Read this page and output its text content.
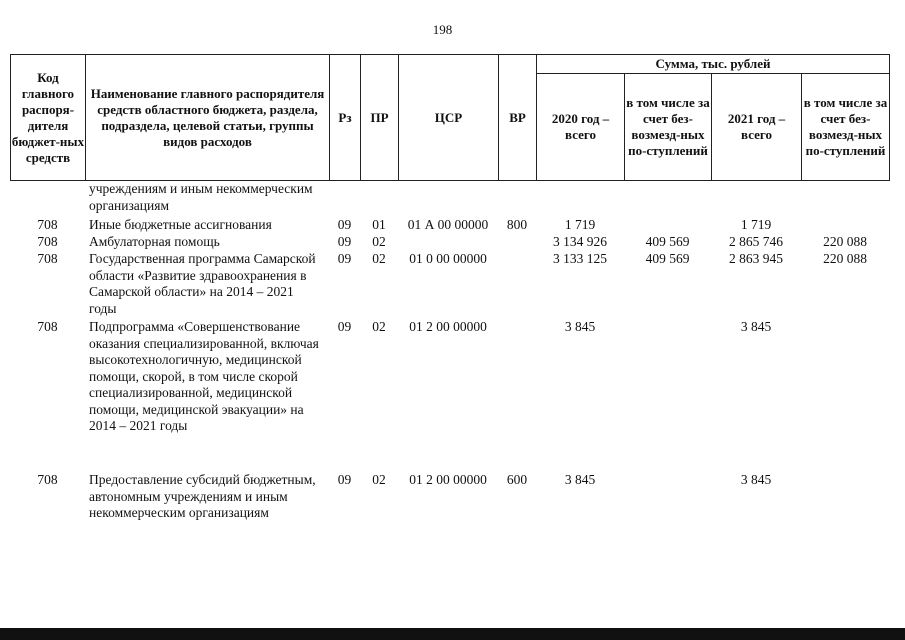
198
Код главного распоря-дителя бюджет-ных средств	Наименование главного распорядителя средств областного бюджета, раздела, подраздела, целевой статьи, группы видов расходов	Рз	ПР	ЦСР	ВР	Сумма, тыс. рублей			
						2020 год – всего	в том числе за счет без-возмезд-ных по-ступлений	2021 год – всего	в том числе за счет без-возмезд-ных по-ступлений
	учреждениям и иным некоммерческим организациям								
708	Иные бюджетные ассигнования	09	01	01 А 00 00000	800	1 719		1 719	
708	Амбулаторная помощь	09	02			3 134 926	409 569	2 865 746	220 088
708	Государственная программа Самарской области «Развитие здравоохранения в Самарской области» на 2014 – 2021 годы	09	02	01 0 00 00000		3 133 125	409 569	2 863 945	220 088
708	Подпрограмма «Совершенствование оказания специализированной, включая высокотехнологичную, медицинской помощи, скорой, в том числе скорой специализированной, медицинской помощи, медицинской эвакуации» на 2014 – 2021 годы	09	02	01 2 00 00000		3 845		3 845	
708	Предоставление субсидий бюджетным, автономным учреждениям и иным некоммерческим организациям	09	02	01 2 00 00000	600	3 845		3 845	
